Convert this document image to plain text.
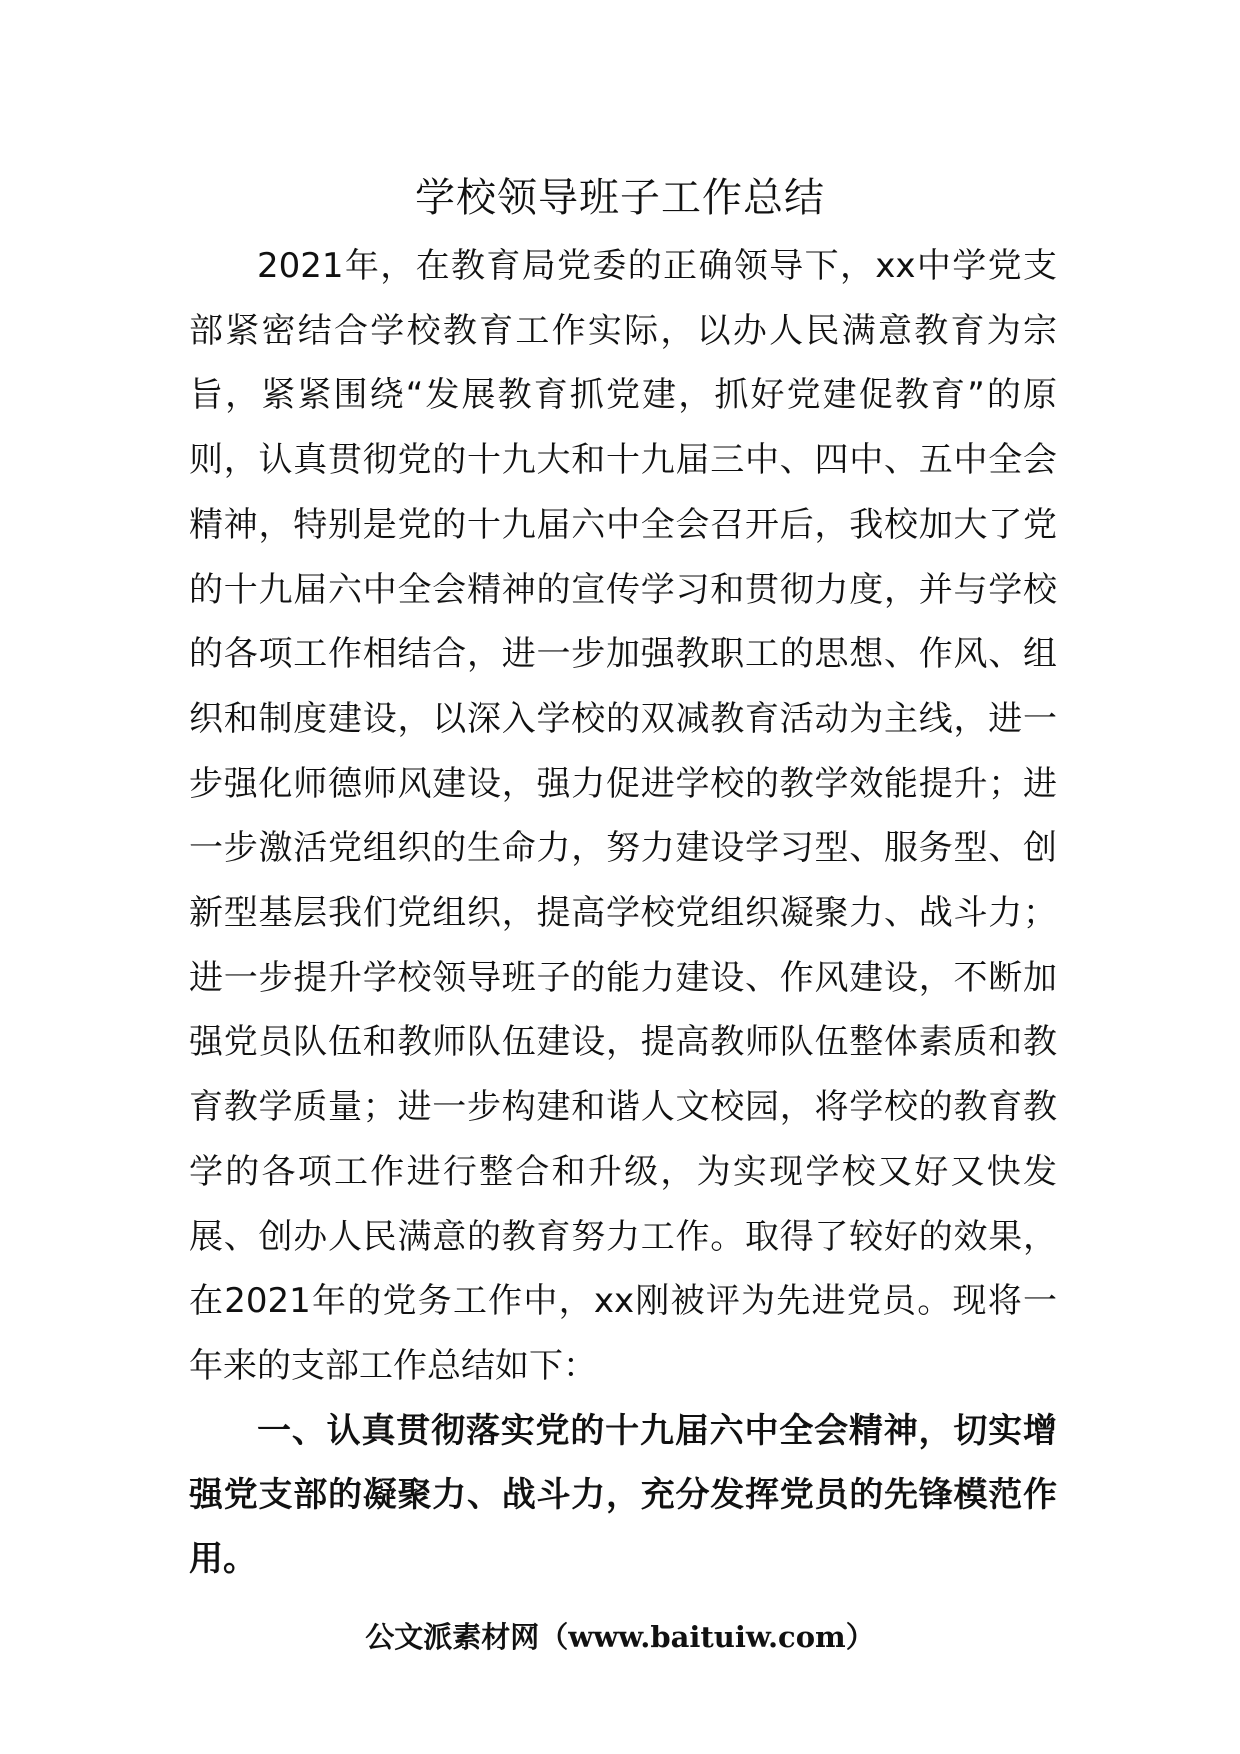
学校领导班子工作总结

2021年，在教育局党委的正确领导下，xx中学党支部紧密结合学校教育工作实际，以办人民满意教育为宗旨，紧紧围绕“发展教育抓党建，抓好党建促教育”的原则，认真贯彻党的十九大和十九届三中、四中、五中全会精神，特别是党的十九届六中全会召开后，我校加大了党的十九届六中全会精神的宣传学习和贯彻力度，并与学校的各项工作相结合，进一步加强教职工的思想、作风、组织和制度建设，以深入学校的双减教育活动为主线，进一步强化师德师风建设，强力促进学校的教学效能提升；进一步激活党组织的生命力，努力建设学习型、服务型、创新型基层我们党组织，提高学校党组织凝聚力、战斗力；进一步提升学校领导班子的能力建设、作风建设，不断加强党员队伍和教师队伍建设，提高教师队伍整体素质和教育教学质量；进一步构建和谐人文校园，将学校的教育教学的各项工作进行整合和升级，为实现学校又好又快发展、创办人民满意的教育努力工作。取得了较好的效果，在2021年的党务工作中，xx刚被评为先进党员。现将一年来的支部工作总结如下：

一、认真贯彻落实党的十九届六中全会精神，切实增强党支部的凝聚力、战斗力，充分发挥党员的先锋模范作用。

公文派素材网（www.baituiw.com）
